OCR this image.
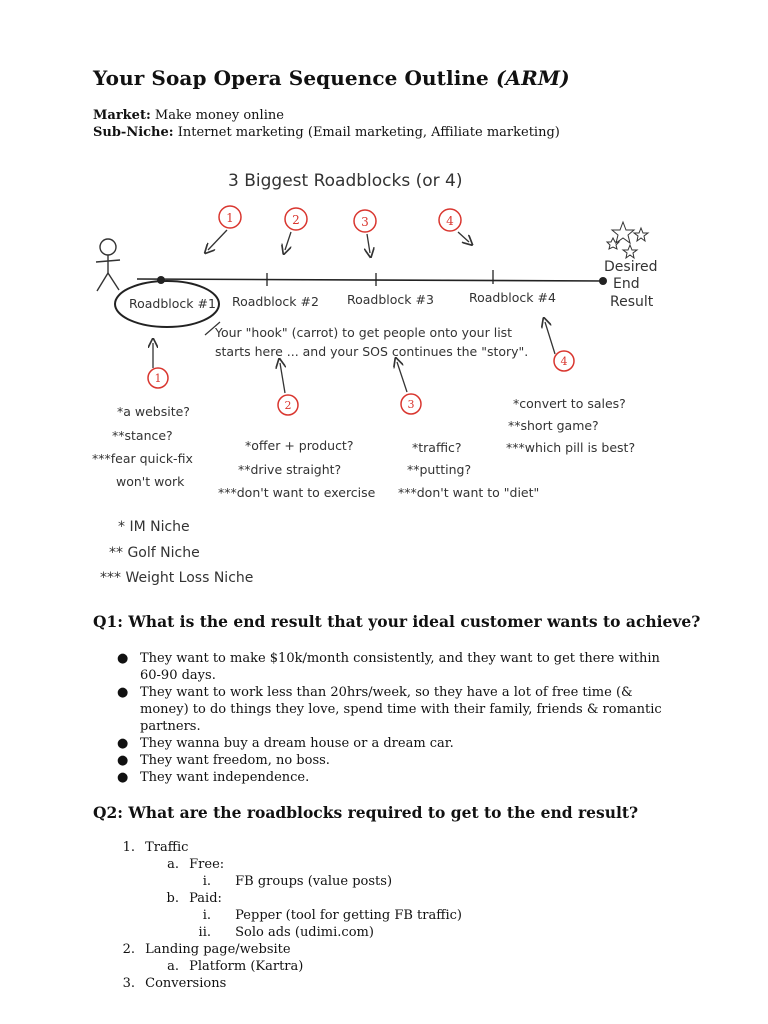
Your Soap Opera Sequence Outline (ARM)
Market: Make money online
Sub-Niche: Internet marketing (Email marketing, Affiliate marketing)
3 Biggest Roadblocks (or 4)
1	2	3	4
Desired
End
Result
Roadblock #1 Roadblock #2 Roadblock #3	Roadblock #4
Your "hook" (carrot) to get people onto your list
starts here ... and your SOS continues the "story".
1
*a website?
**stance?
***fear quick-fix
won't work
2
*offer + product?
**drive straight?
***don't want to exercise
3
*traffic?
**putting?
***don't want to "diet"
4
*convert to sales?
**short game?
***which pill is best?
* IM Niche
** Golf Niche
*** Weight Loss Niche
Q1: What is the end result that your ideal customer wants to achieve?
● They want to make $10k/month consistently, and they want to get there within
60-90 days.
● They want to work less than 20hrs/week, so they have a lot of free time (&
money) to do things they love, spend time with their family, friends & romantic
partners.
● They wanna buy a dream house or a dream car.
● They want freedom, no boss.
● They want independence.
Q2: What are the roadblocks required to get to the end result?
1. Traffic
a. Free:
i. FB groups (value posts)
b. Paid:
i. Pepper (tool for getting FB traffic)
ii. Solo ads (udimi.com)
2. Landing page/website
a. Platform (Kartra)
3. Conversions
